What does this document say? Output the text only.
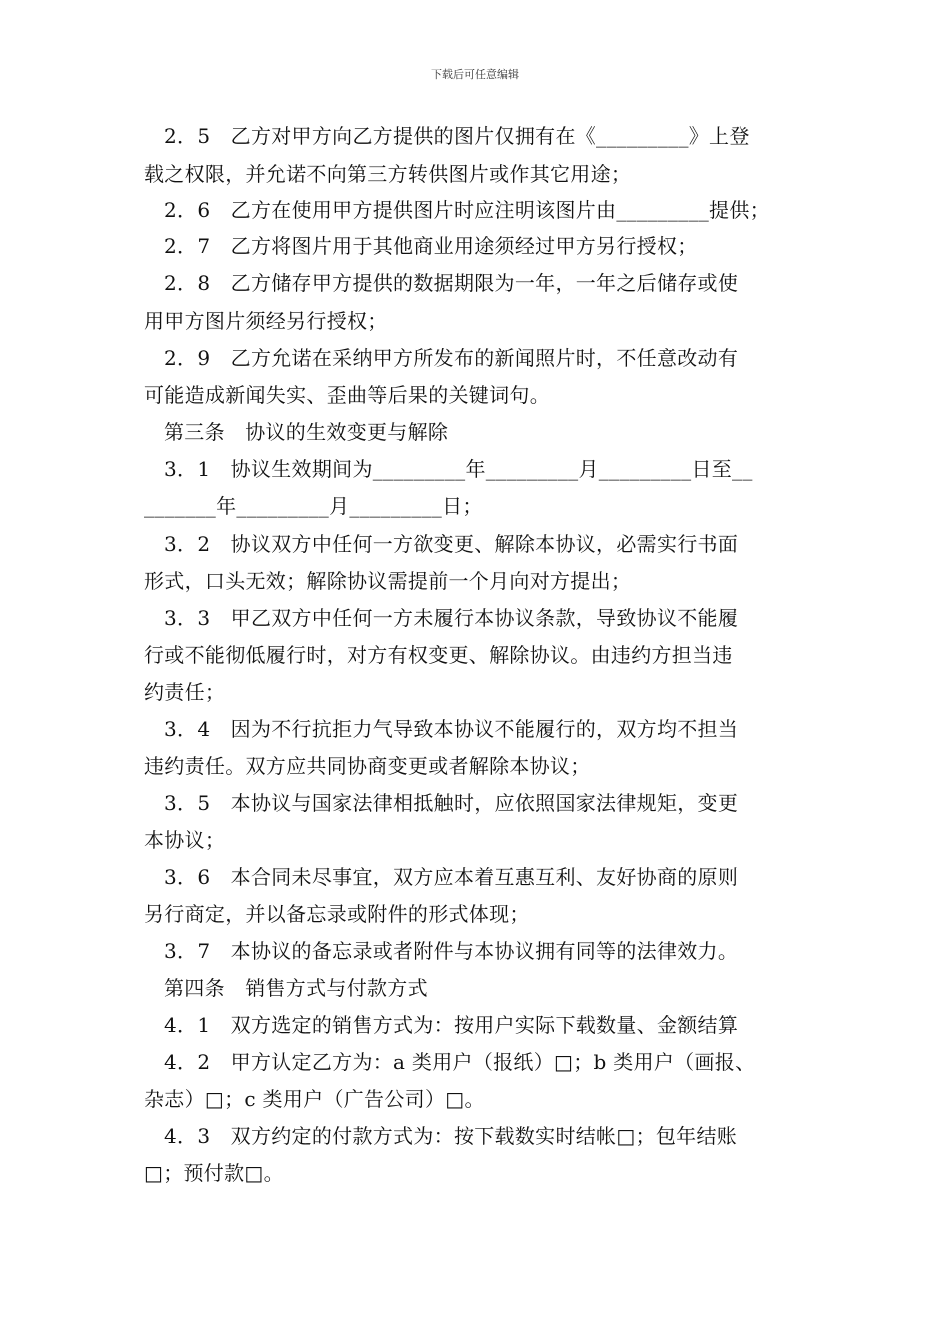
下载后可任意编辑
2．5　乙方对甲方向乙方提供的图片仅拥有在《_________》上登
载之权限，并允诺不向第三方转供图片或作其它用途；
2．6　乙方在使用甲方提供图片时应注明该图片由_________提供；
2．7　乙方将图片用于其他商业用途须经过甲方另行授权；
2．8　乙方储存甲方提供的数据期限为一年，一年之后储存或使
用甲方图片须经另行授权；
2．9　乙方允诺在采纳甲方所发布的新闻照片时，不任意改动有
可能造成新闻失实、歪曲等后果的关键词句。
第三条　协议的生效变更与解除
3．1　协议生效期间为_________年_________月_________日至__
_______年_________月_________日；
3．2　协议双方中任何一方欲变更、解除本协议，必需实行书面
形式，口头无效；解除协议需提前一个月向对方提出；
3．3　甲乙双方中任何一方未履行本协议条款，导致协议不能履
行或不能彻低履行时，对方有权变更、解除协议。由违约方担当违
约责任；
3．4　因为不行抗拒力气导致本协议不能履行的，双方均不担当
违约责任。双方应共同协商变更或者解除本协议；
3．5　本协议与国家法律相抵触时，应依照国家法律规矩，变更
本协议；
3．6　本合同未尽事宜，双方应本着互惠互利、友好协商的原则
另行商定，并以备忘录或附件的形式体现；
3．7　本协议的备忘录或者附件与本协议拥有同等的法律效力。
第四条　销售方式与付款方式
4．1　双方选定的销售方式为：按用户实际下载数量、金额结算
4．2　甲方认定乙方为：a 类用户（报纸）□；b 类用户（画报、
杂志）□；c 类用户（广告公司）□。
4．3　双方约定的付款方式为：按下载数实时结帐□；包年结账
□；预付款□。
